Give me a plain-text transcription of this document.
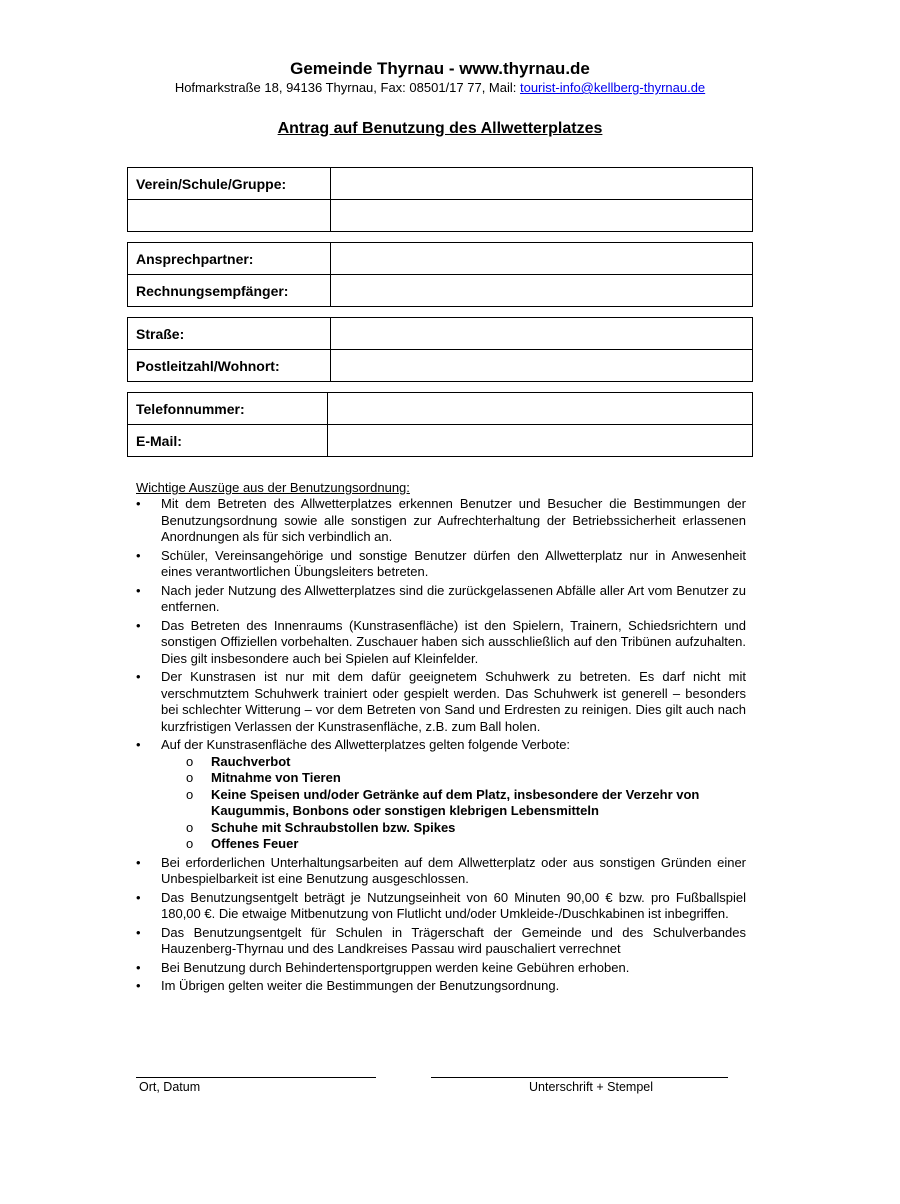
Gemeinde Thyrnau - www.thyrnau.de
Hofmarkstraße 18, 94136 Thyrnau, Fax: 08501/17 77, Mail: tourist-info@kellberg-thyrnau.de
Antrag auf Benutzung des Allwetterplatzes
Verein/Schule/Gruppe:	

Ansprechpartner:	
Rechnungsempfänger:	
Straße:	
Postleitzahl/Wohnort:	
Telefonnummer:	
E-Mail:	
Wichtige Auszüge aus der Benutzungsordnung:
• Mit dem Betreten des Allwetterplatzes erkennen Benutzer und Besucher die Bestimmungen der Benutzungsordnung sowie alle sonstigen zur Aufrechterhaltung der Betriebssicherheit erlassenen Anordnungen als für sich verbindlich an.
• Schüler, Vereinsangehörige und sonstige Benutzer dürfen den Allwetterplatz nur in Anwesenheit eines verantwortlichen Übungsleiters betreten.
• Nach jeder Nutzung des Allwetterplatzes sind die zurückgelassenen Abfälle aller Art vom Benutzer zu entfernen.
• Das Betreten des Innenraums (Kunstrasenfläche) ist den Spielern, Trainern, Schiedsrichtern und sonstigen Offiziellen vorbehalten. Zuschauer haben sich ausschließlich auf den Tribünen aufzuhalten. Dies gilt insbesondere auch bei Spielen auf Kleinfelder.
• Der Kunstrasen ist nur mit dem dafür geeignetem Schuhwerk zu betreten. Es darf nicht mit verschmutztem Schuhwerk trainiert oder gespielt werden. Das Schuhwerk ist generell – besonders bei schlechter Witterung – vor dem Betreten von Sand und Erdresten zu reinigen. Dies gilt auch nach kurzfristigen Verlassen der Kunstrasenfläche, z.B. zum Ball holen.
• Auf der Kunstrasenfläche des Allwetterplatzes gelten folgende Verbote:
o Rauchverbot
o Mitnahme von Tieren
o Keine Speisen und/oder Getränke auf dem Platz, insbesondere der Verzehr von Kaugummis, Bonbons oder sonstigen klebrigen Lebensmitteln
o Schuhe mit Schraubstollen bzw. Spikes
o Offenes Feuer
• Bei erforderlichen Unterhaltungsarbeiten auf dem Allwetterplatz oder aus sonstigen Gründen einer Unbespielbarkeit ist eine Benutzung ausgeschlossen.
• Das Benutzungsentgelt beträgt je Nutzungseinheit von 60 Minuten 90,00 € bzw. pro Fußballspiel 180,00 €. Die etwaige Mitbenutzung von Flutlicht und/oder Umkleide-/Duschkabinen ist inbegriffen.
• Das Benutzungsentgelt für Schulen in Trägerschaft der Gemeinde und des Schulverbandes Hauzenberg-Thyrnau und des Landkreises Passau wird pauschaliert verrechnet
• Bei Benutzung durch Behindertensportgruppen werden keine Gebühren erhoben.
• Im Übrigen gelten weiter die Bestimmungen der Benutzungsordnung.
Ort, Datum	Unterschrift + Stempel
